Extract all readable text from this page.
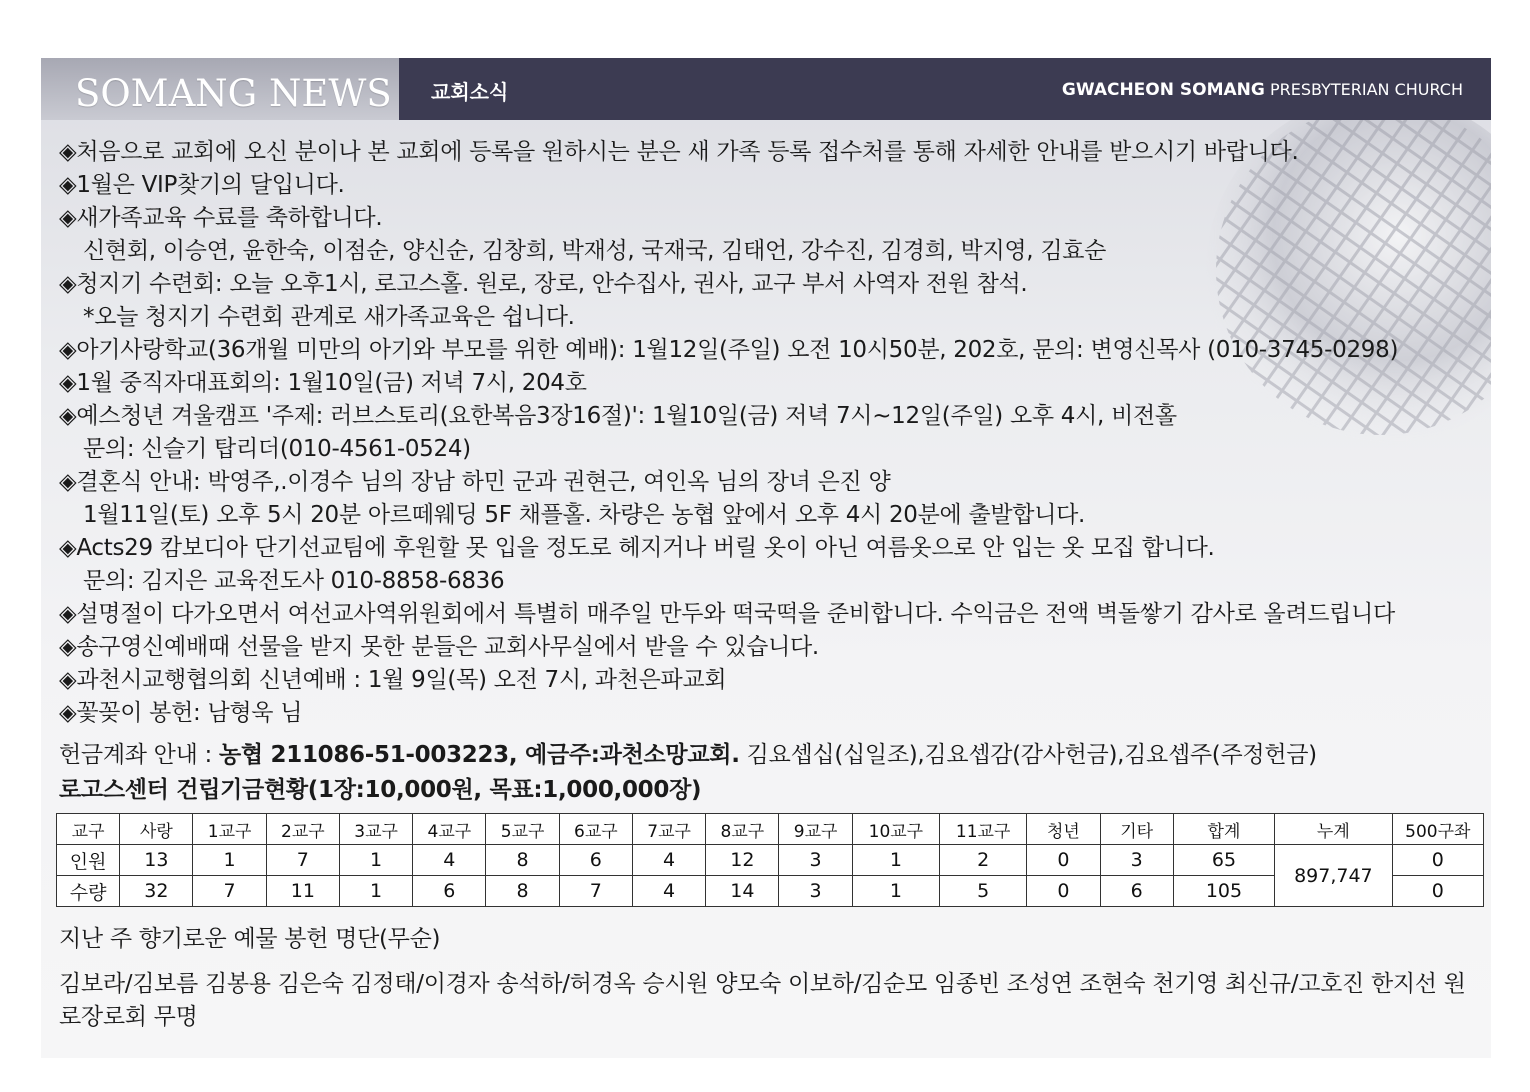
SOMANG NEWS 교회소식	GWACHEON SOMANG PRESBYTERIAN CHURCH
◈처음으로 교회에 오신 분이나 본 교회에 등록을 원하시는 분은 새 가족 등록 접수처를 통해 자세한 안내를 받으시기 바랍니다.
◈1월은 VIP찾기의 달입니다.
◈새가족교육 수료를 축하합니다.
신현회, 이승연, 윤한숙, 이점순, 양신순, 김창희, 박재성, 국재국, 김태언, 강수진, 김경희, 박지영, 김효순
◈청지기 수련회: 오늘 오후1시, 로고스홀. 원로, 장로, 안수집사, 권사, 교구 부서 사역자 전원 참석.
*오늘 청지기 수련회 관계로 새가족교육은 쉽니다.
◈아기사랑학교(36개월 미만의 아기와 부모를 위한 예배): 1월12일(주일) 오전 10시50분, 202호, 문의: 변영신목사 (010-3745-0298)
◈1월 중직자대표회의: 1월10일(금) 저녁 7시, 204호
◈예스청년 겨울캠프 '주제: 러브스토리(요한복음3장16절)': 1월10일(금) 저녁 7시~12일(주일) 오후 4시, 비전홀
문의: 신슬기 탑리더(010-4561-0524)
◈결혼식 안내: 박영주,.이경수 님의 장남 하민 군과 권현근, 여인옥 님의 장녀 은진 양
1월11일(토) 오후 5시 20분 아르떼웨딩 5F 채플홀. 차량은 농협 앞에서 오후 4시 20분에 출발합니다.
◈Acts29 캄보디아 단기선교팀에 후원할 못 입을 정도로 헤지거나 버릴 옷이 아닌 여름옷으로 안 입는 옷 모집 합니다.
문의: 김지은 교육전도사 010-8858-6836
◈설명절이 다가오면서 여선교사역위원회에서 특별히 매주일 만두와 떡국떡을 준비합니다. 수익금은 전액 벽돌쌓기 감사로 올려드립니다
◈송구영신예배때 선물을 받지 못한 분들은 교회사무실에서 받을 수 있습니다.
◈과천시교행협의회 신년예배 : 1월 9일(목) 오전 7시, 과천은파교회
◈꽃꽂이 봉헌: 남형욱 님
헌금계좌 안내 : 농협 211086-51-003223, 예금주:과천소망교회. 김요셉십(십일조),김요셉감(감사헌금),김요셉주(주정헌금)
로고스센터 건립기금현황(1장:10,000원, 목표:1,000,000장)
교구	사랑	1교구	2교구	3교구	4교구	5교구	6교구	7교구	8교구	9교구	10교구	11교구	청년	기타	합계	누계	500구좌
인원	13	1	7	1	4	8	6	4	12	3	1	2	0	3	65	897,747	0
수량	32	7	11	1	6	8	7	4	14	3	1	5	0	6	105		0
지난 주 향기로운 예물 봉헌 명단(무순)
김보라/김보름 김봉용 김은숙 김정태/이경자 송석하/허경옥 승시원 양모숙 이보하/김순모 임종빈 조성연 조현숙 천기영 최신규/고호진 한지선 원로장로회 무명
